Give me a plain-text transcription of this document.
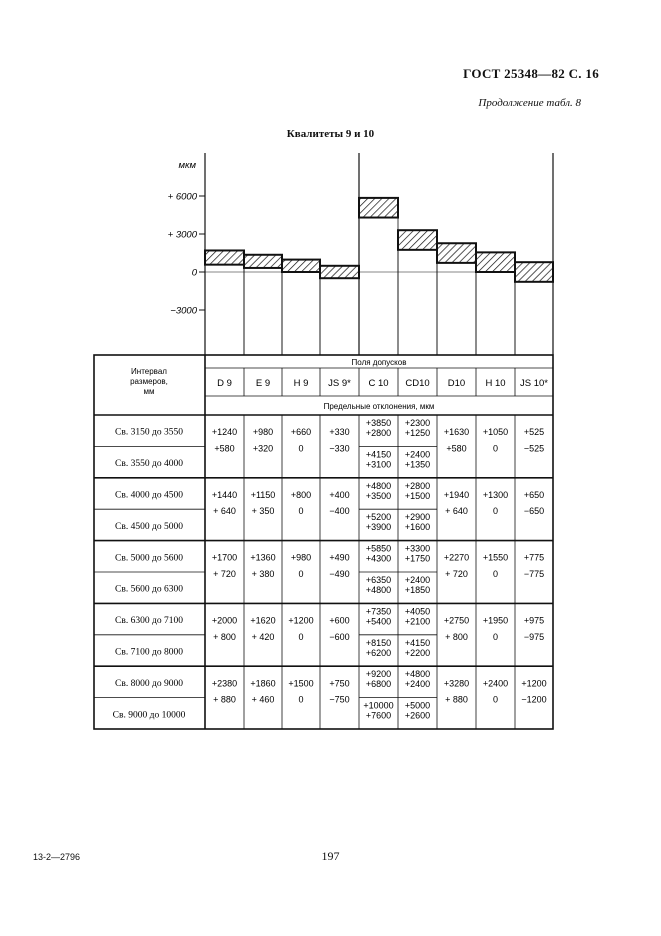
ГОСТ 25348—82 С. 16
Продолжение табл. 8
Квалитеты 9 и 10
мкм
+ 6000
+ 3000
0
−3000
Интервал
размеров,
мм
Поля допусков
Предельные отклонения, мкм
D 9	E 9 H 9 JS 9* C 10 CD10 D10 H 10 JS 10*
Св. 3150 до 3550
Св. 3550 до 4000
+1240
+580
+980
+320
+660
0
+330
−330
+3850
+2800
+4150
+3100
+2300
+1250
+2400
+1350
+1630
+580
+1050
0
+525
−525
Св. 4000 до 4500
Св. 4500 до 5000
+1440
+ 640
+1150
+ 350
+800
0
+400
−400
+4800
+3500
+5200
+3900
+2800
+1500
+2900
+1600
+1940
+ 640
+1300
0
+650
−650
Св. 5000 до 5600
Св. 5600 до 6300
+1700
+ 720
+1360
+ 380
+980
0
+490
−490
+5850
+4300
+6350
+4800
+3300
+1750
+2400
+1850
+2270
+ 720
+1550
0
+775
−775
Св. 6300 до 7100
Св. 7100 до 8000
+2000
+ 800
+1620
+ 420
+1200
0
+600
−600
+7350
+5400
+8150
+6200
+4050
+2100
+4150
+2200
+2750
+ 800
+1950
0
+975
−975
Св. 8000 до 9000
Св. 9000 до 10000
+2380
+ 880
+1860
+ 460
+1500
0
+750
−750
+9200
+6800
+10000
+7600
+4800
+2400
+5000
+2600
+3280
+ 880
+2400
0
+1200
−1200
13-2—2796	197
